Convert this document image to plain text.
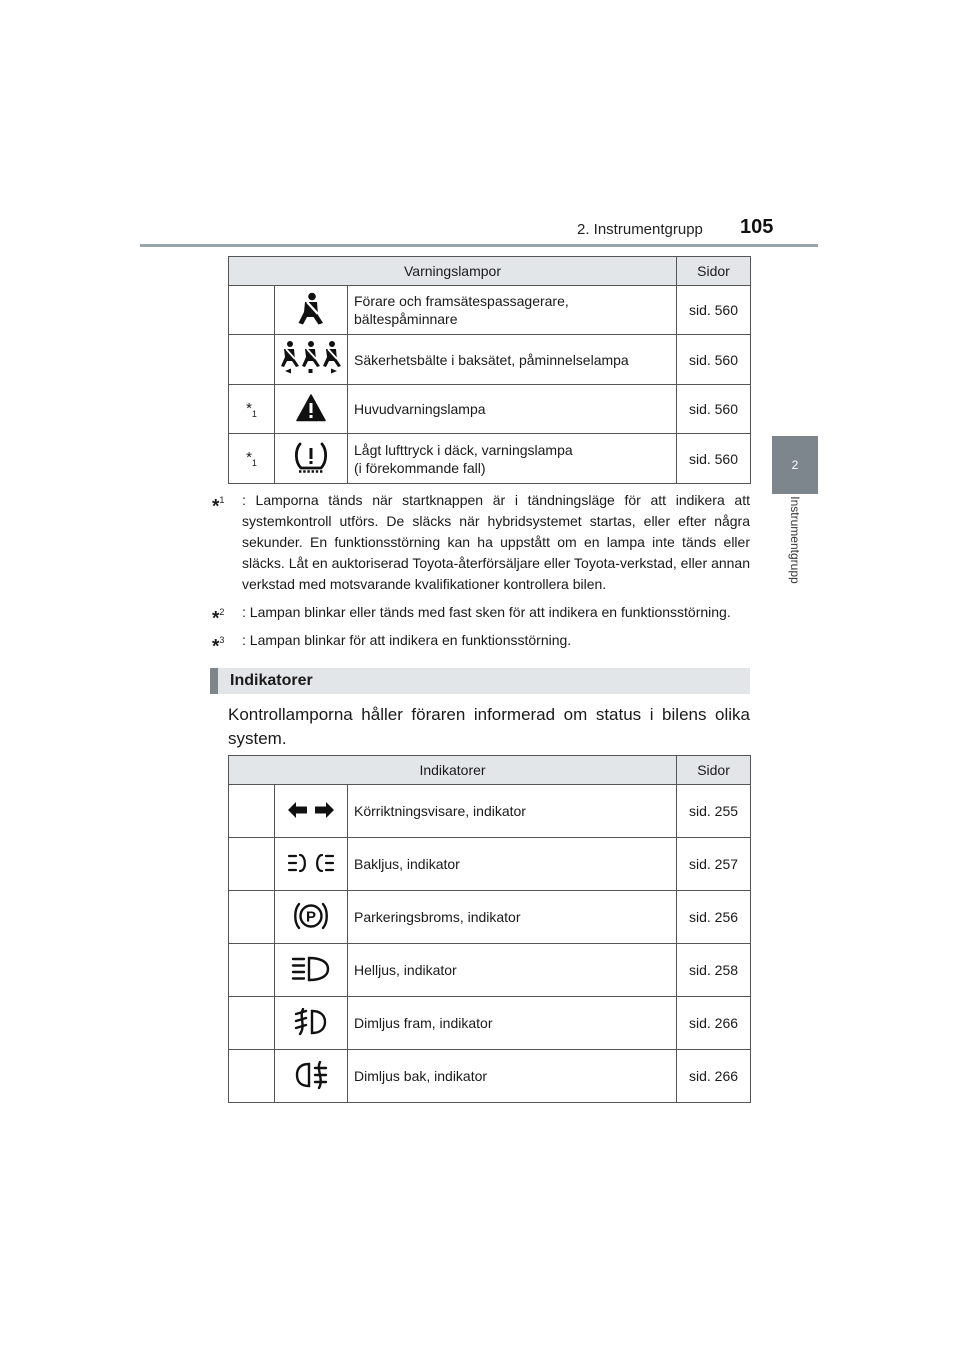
2. Instrumentgrupp 105
2
Instrumentgrupp
Varningslampor			Sidor

Förare och framsätespassagerare,
bältespåminnare	sid. 560

Säkerhetsbälte i baksätet, påminnelselampa	sid. 560
$*_1$		Huvudvarningslampa	sid. 560
$*_1$		Lågt lufttryck i däck, varningslampa
(i förekommande fall)	sid. 560
*$^1$ : Lamporna tänds när startknappen är i tändningsläge för att indikera att systemkontroll utförs. De släcks när hybridsystemet startas, eller efter några sekunder. En funktionsstörning kan ha uppstått om en lampa inte tänds eller släcks. Låt en auktoriserad Toyota-återförsäljare eller Toyota-verkstad, eller annan verkstad med motsvarande kvalifikationer kontrollera bilen.
*$^2$ : Lampan blinkar eller tänds med fast sken för att indikera en funktionsstörning.
*$^3$ : Lampan blinkar för att indikera en funktionsstörning.
Indikatorer
Kontrollamporna håller föraren informerad om status i bilens olika system.
Indikatorer			Sidor
		Körriktningsvisare, indikator	sid. 255
		Bakljus, indikator	sid. 257

P	Parkeringsbroms, indikator	sid. 256
		Helljus, indikator	sid. 258
		Dimljus fram, indikator	sid. 266
		Dimljus bak, indikator	sid. 266
